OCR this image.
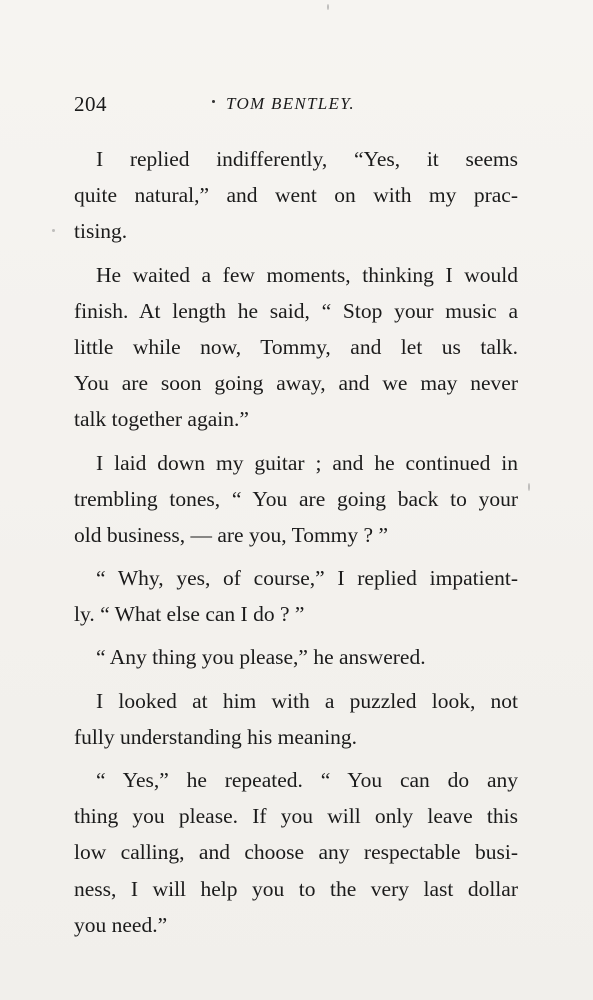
204	TOM BENTLEY.
I replied indifferently, “Yes, it seems
quite natural,” and went on with my prac-
tising.
He waited a few moments, thinking I would
finish. At length he said, “ Stop your music a
little while now, Tommy, and let us talk.
You are soon going away, and we may never
talk together again.”
I laid down my guitar ; and he continued in
trembling tones, “ You are going back to your
old business, — are you, Tommy ? ”
“ Why, yes, of course,” I replied impatient-
ly. “ What else can I do ? ”
“ Any thing you please,” he answered.
I looked at him with a puzzled look, not
fully understanding his meaning.
“ Yes,” he repeated. “ You can do any
thing you please. If you will only leave this
low calling, and choose any respectable busi-
ness, I will help you to the very last dollar
you need.”
